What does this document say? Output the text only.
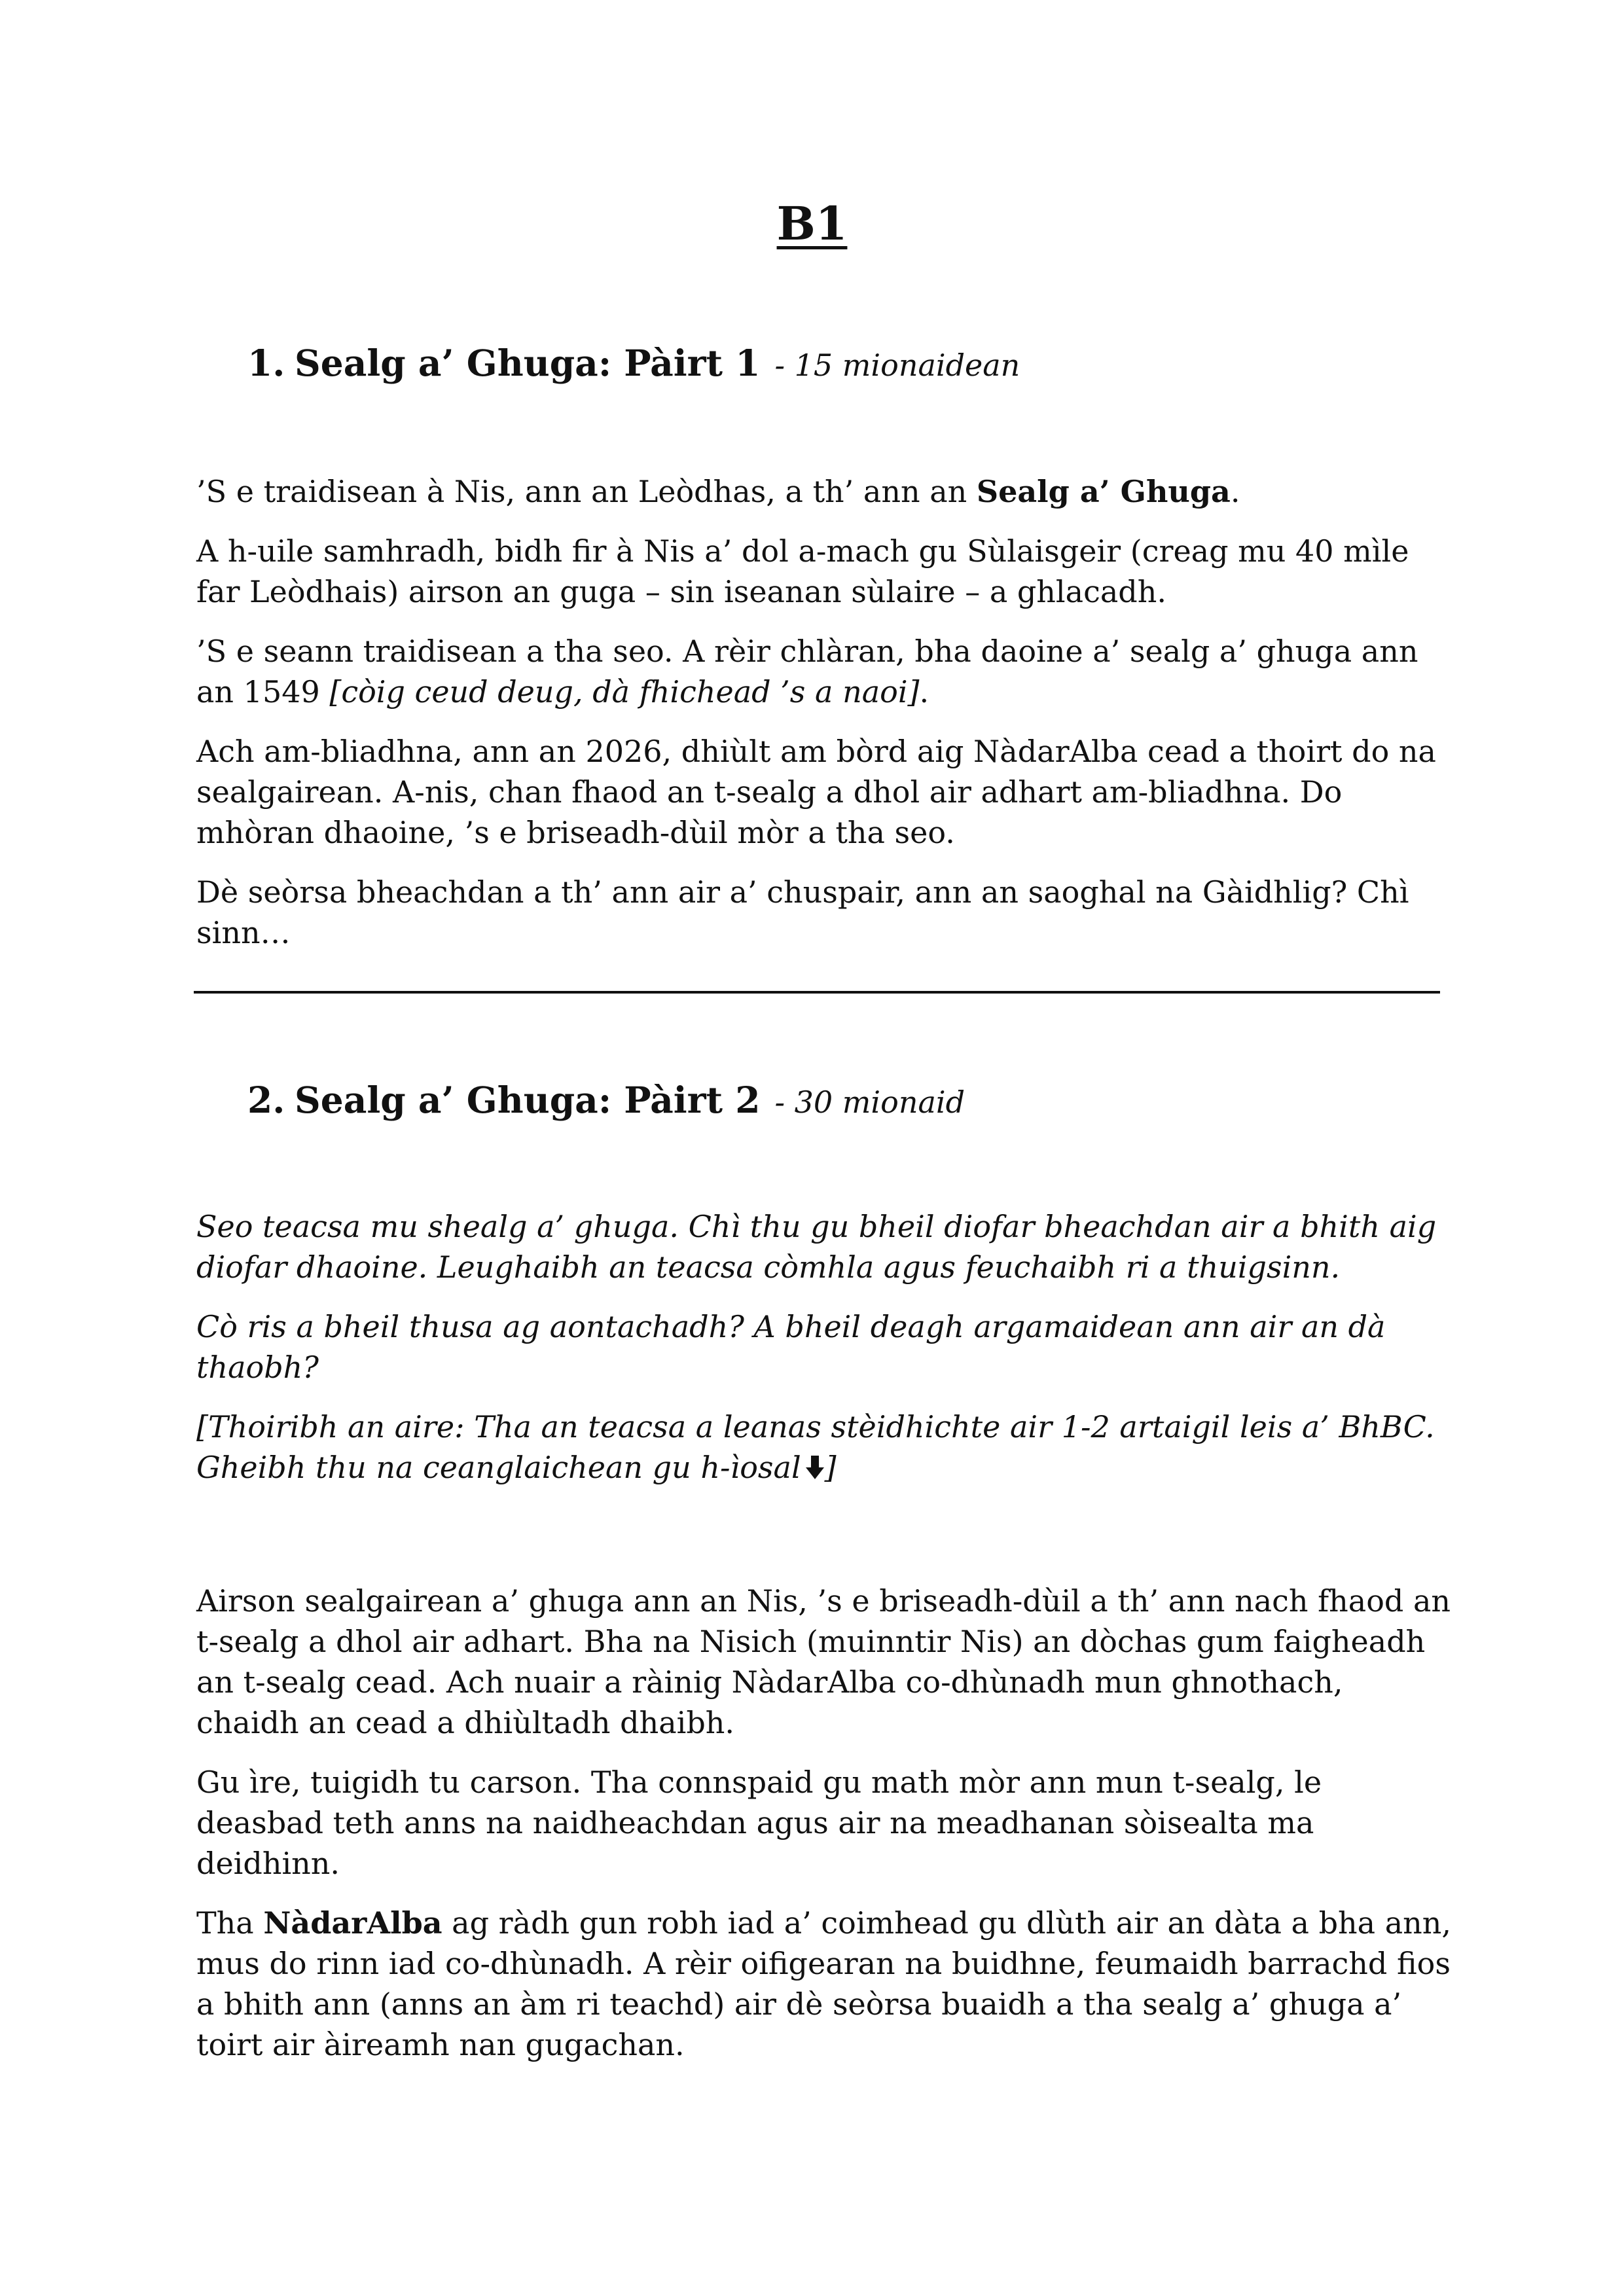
B1
1. Sealg a’ Ghuga: Pàirt 1 - 15 mionaidean

’S e traidisean à Nis, ann an Leòdhas, a th’ ann an Sealg a’ Ghuga.

A h-uile samhradh, bidh fir à Nis a’ dol a-mach gu Sùlaisgeir (creag mu 40 mìle far Leòdhais) airson an guga – sin iseanan sùlaire – a ghlacadh.

’S e seann traidisean a tha seo. A rèir chlàran, bha daoine a’ sealg a’ ghuga ann an 1549 [còig ceud deug, dà fhichead ’s a naoi].

Ach am-bliadhna, ann an 2026, dhiùlt am bòrd aig NàdarAlba cead a thoirt do na sealgairean. A-nis, chan fhaod an t-sealg a dhol air adhart am-bliadhna. Do mhòran dhaoine, ’s e briseadh-dùil mòr a tha seo.

Dè seòrsa bheachdan a th’ ann air a’ chuspair, ann an saoghal na Gàidhlig? Chì sinn…

2. Sealg a’ Ghuga: Pàirt 2 - 30 mionaid

Seo teacsa mu shealg a’ ghuga. Chì thu gu bheil diofar bheachdan air a bhith aig diofar dhaoine. Leughaibh an teacsa còmhla agus feuchaibh ri a thuigsinn.

Cò ris a bheil thusa ag aontachadh? A bheil deagh argamaidean ann air an dà thaobh?

[Thoiribh an aire: Tha an teacsa a leanas stèidhichte air 1-2 artaigil leis a’ BhBC. Gheibh thu na ceanglaichean gu h-ìosal ]

Airson sealgairean a’ ghuga ann an Nis, ’s e briseadh-dùil a th’ ann nach fhaod an t-sealg a dhol air adhart. Bha na Nisich (muinntir Nis) an dòchas gum faigheadh an t-sealg cead. Ach nuair a ràinig NàdarAlba co-dhùnadh mun ghnothach, chaidh an cead a dhiùltadh dhaibh.

Gu ìre, tuigidh tu carson. Tha connspaid gu math mòr ann mun t-sealg, le deasbad teth anns na naidheachdan agus air na meadhanan sòisealta ma deidhinn.

Tha NàdarAlba ag ràdh gun robh iad a’ coimhead gu dlùth air an dàta a bha ann, mus do rinn iad co-dhùnadh. A rèir oifigearan na buidhne, feumaidh barrachd fios a bhith ann (anns an àm ri teachd) air dè seòrsa buaidh a tha sealg a’ ghuga a’ toirt air àireamh nan gugachan.
